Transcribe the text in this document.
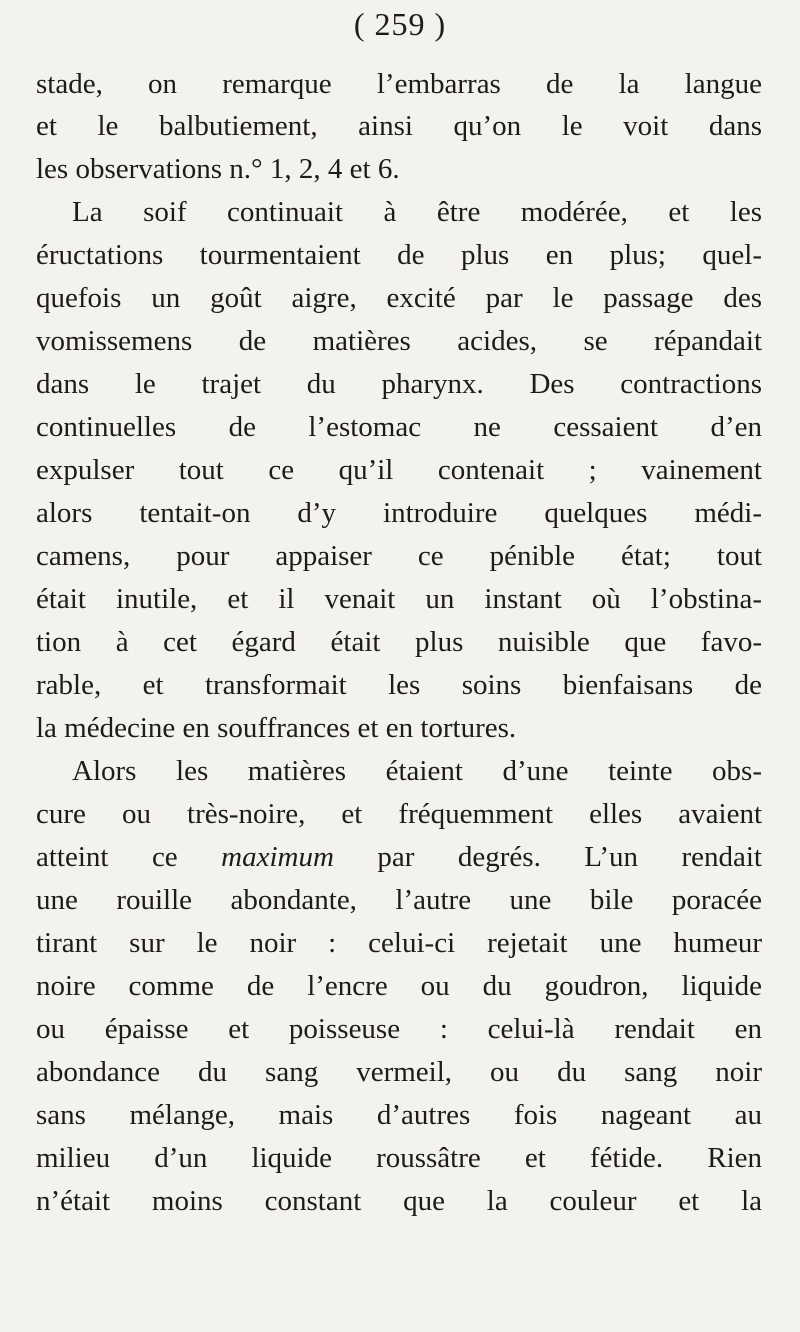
( 259 )
stade, on remarque l’embarras de la langue
et le balbutiement, ainsi qu’on le voit dans
les observations n.° 1, 2, 4 et 6.
La soif continuait à être modérée, et les
éructations tourmentaient de plus en plus; quel-
quefois un goût aigre, excité par le passage des
vomissemens de matières acides, se répandait
dans le trajet du pharynx. Des contractions
continuelles de l’estomac ne cessaient d’en
expulser tout ce qu’il contenait ; vainement
alors tentait-on d’y introduire quelques médi-
camens, pour appaiser ce pénible état; tout
était inutile, et il venait un instant où l’obstina-
tion à cet égard était plus nuisible que favo-
rable, et transformait les soins bienfaisans de
la médecine en souffrances et en tortures.
Alors les matières étaient d’une teinte obs-
cure ou très-noire, et fréquemment elles avaient
atteint ce maximum par degrés. L’un rendait
une rouille abondante, l’autre une bile poracée
tirant sur le noir : celui-ci rejetait une humeur
noire comme de l’encre ou du goudron, liquide
ou épaisse et poisseuse : celui-là rendait en
abondance du sang vermeil, ou du sang noir
sans mélange, mais d’autres fois nageant au
milieu d’un liquide roussâtre et fétide. Rien
n’était moins constant que la couleur et la
